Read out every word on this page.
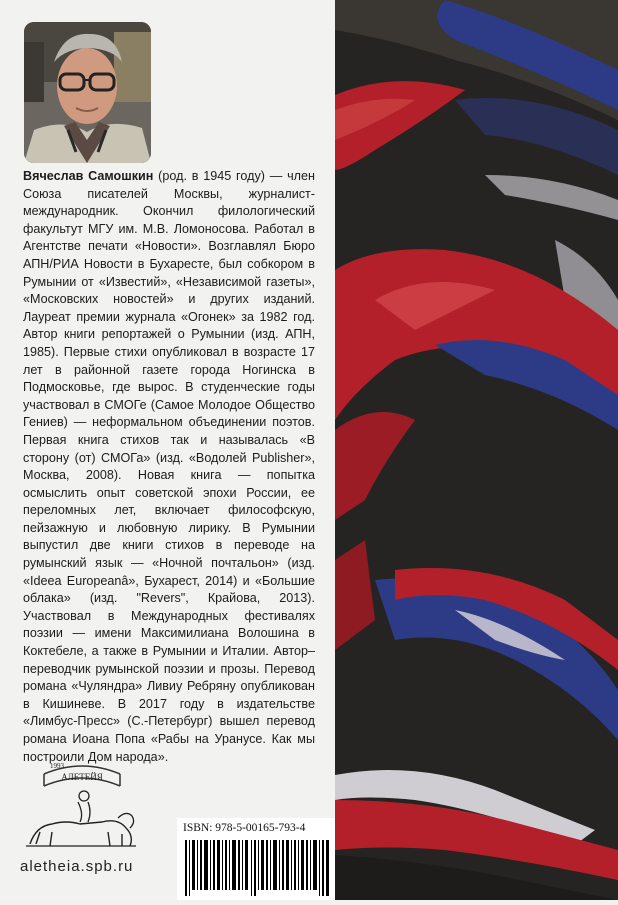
Вячеслав Самошкин (род. в 1945 году) — член Союза писателей Москвы, журналист-международник. Окончил филологический факультут МГУ им. М.В. Ломоносова. Работал в Агентстве печати «Новости». Возглавлял Бюро АПН/РИА Новости в Бухаресте, был собкором в Румынии от «Известий», «Независимой газеты», «Московских новостей» и других изданий. Лауреат премии журнала «Огонек» за 1982 год. Автор книги репортажей о Румынии (изд. АПН, 1985). Первые стихи опубликовал в возрасте 17 лет в районной газете города Ногинска в Подмосковье, где вырос. В студенческие годы участвовал в СМОГе (Самое Молодое Общество Гениев) — неформальном объединении поэтов. Первая книга стихов так и называлась «В сторону (от) СМОГа» (изд. «Водолей Publisher», Москва, 2008). Новая книга — попытка осмыслить опыт советской эпохи России, ее переломных лет, включает философскую, пейзажную и любовную лирику. В Румынии выпустил две книги стихов в переводе на румынский язык — «Ночной почтальон» (изд. «Ideea Europeanâ», Бухарест, 2014) и «Большие облака» (изд. "Revers", Крайова, 2013). Участвовал в Международных фестивалях поэзии — имени Максимилиана Волошина в Коктебеле, а также в Румынии и Италии. Автор–переводчик румынской поэзии и прозы. Перевод романа «Чуляндра» Ливиу Ребряну опубликован в Кишиневе. В 2017 году в издательстве «Лимбус-Пресс» (С.-Петербург) вышел перевод романа Иоана Попа «Рабы на Уранусе. Как мы построили Дом народа».
АЛЕТЕЙЯ
1993
aletheia.spb.ru
ISBN: 978-5-00165-793-4
